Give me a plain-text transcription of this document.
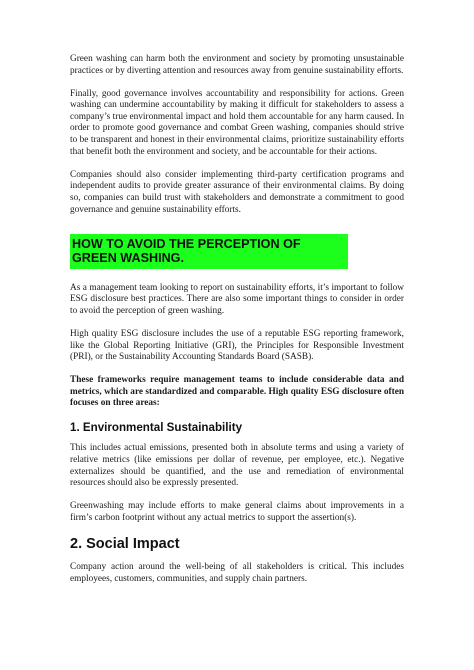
Green washing can harm both the environment and society by promoting unsustainable practices or by diverting attention and resources away from genuine sustainability efforts.

Finally, good governance involves accountability and responsibility for actions. Green washing can undermine accountability by making it difficult for stakeholders to assess a company’s true environmental impact and hold them accountable for any harm caused. In order to promote good governance and combat Green washing, companies should strive to be transparent and honest in their environmental claims, prioritize sustainability efforts that benefit both the environment and society, and be accountable for their actions.

Companies should also consider implementing third-party certification programs and independent audits to provide greater assurance of their environmental claims. By doing so, companies can build trust with stakeholders and demonstrate a commitment to good governance and genuine sustainability efforts.

HOW TO AVOID THE PERCEPTION OF GREEN WASHING.

As a management team looking to report on sustainability efforts, it’s important to follow ESG disclosure best practices. There are also some important things to consider in order to avoid the perception of green washing.

High quality ESG disclosure includes the use of a reputable ESG reporting framework, like the Global Reporting Initiative (GRI), the Principles for Responsible Investment (PRI), or the Sustainability Accounting Standards Board (SASB).

These frameworks require management teams to include considerable data and metrics, which are standardized and comparable. High quality ESG disclosure often focuses on three areas:

1. Environmental Sustainability

This includes actual emissions, presented both in absolute terms and using a variety of relative metrics (like emissions per dollar of revenue, per employee, etc.). Negative externalizes should be quantified, and the use and remediation of environmental resources should also be expressly presented.

Greenwashing may include efforts to make general claims about improvements in a firm’s carbon footprint without any actual metrics to support the assertion(s).

2. Social Impact

Company action around the well-being of all stakeholders is critical. This includes employees, customers, communities, and supply chain partners.
